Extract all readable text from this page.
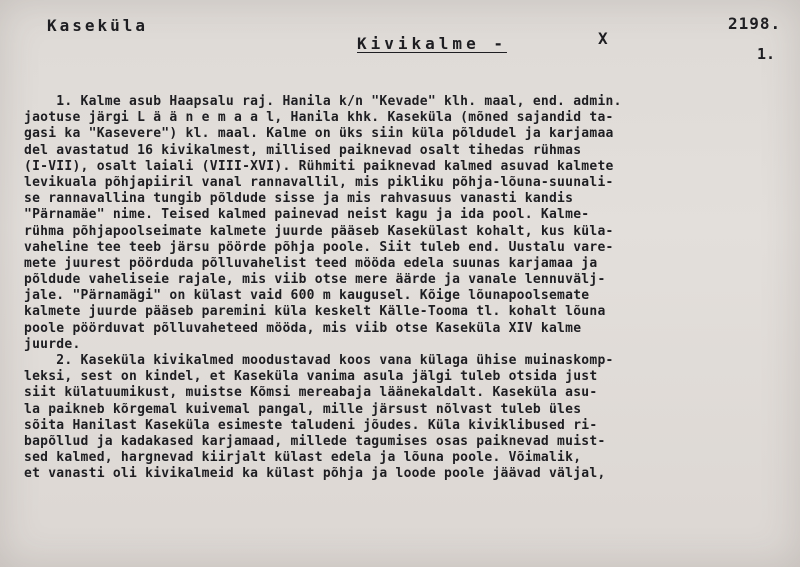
Kaseküla
Kivikalme -	X
2198.
1.
1. Kalme asub Haapsalu raj. Hanila k/n "Kevade" klh. maal, end. admin.
jaotuse järgi L ä ä n e m a a l, Hanila khk. Kaseküla (mõned sajandid ta-
gasi ka "Kasevere") kl. maal. Kalme on üks siin küla põldudel ja karjamaa
del avastatud 16 kivikalmest, millised paiknevad osalt tihedas rühmas
(I-VII), osalt laiali (VIII-XVI). Rühmiti paiknevad kalmed asuvad kalmete
levikuala põhjapiiril vanal rannavallil, mis pikliku põhja-lõuna-suunali-
se rannavallina tungib põldude sisse ja mis rahvasuus vanasti kandis
"Pärnamäe" nime. Teised kalmed painevad neist kagu ja ida pool. Kalme-
rühma põhjapoolseimate kalmete juurde pääseb Kasekülast kohalt, kus küla-
vaheline tee teeb järsu pöörde põhja poole. Siit tuleb end. Uustalu vare-
mete juurest pöörduda põlluvahelist teed mööda edela suunas karjamaa ja
põldude vaheliseie rajale, mis viib otse mere äärde ja vanale lennuvälj-
jale. "Pärnamägi" on külast vaid 600 m kaugusel. Kõige lõunapoolsemate
kalmete juurde pääseb paremini küla keskelt Källe-Tooma tl. kohalt lõuna
poole pöörduvat põlluvaheteed mööda, mis viib otse Kaseküla XIV kalme
juurde.
2. Kaseküla kivikalmed moodustavad koos vana külaga ühise muinaskomp-
leksi, sest on kindel, et Kaseküla vanima asula jälgi tuleb otsida just
siit külatuumikust, muistse Kõmsi mereabaja läänekaldalt. Kaseküla asu-
la paikneb kõrgemal kuivemal pangal, mille järsust nõlvast tuleb üles
sõita Hanilast Kaseküla esimeste taludeni jõudes. Küla kiviklibused ri-
bapõllud ja kadakased karjamaad, millede tagumises osas paiknevad muist-
sed kalmed, hargnevad kiirjalt külast edela ja lõuna poole. Võimalik,
et vanasti oli kivikalmeid ka külast põhja ja loode poole jäävad väljal,
